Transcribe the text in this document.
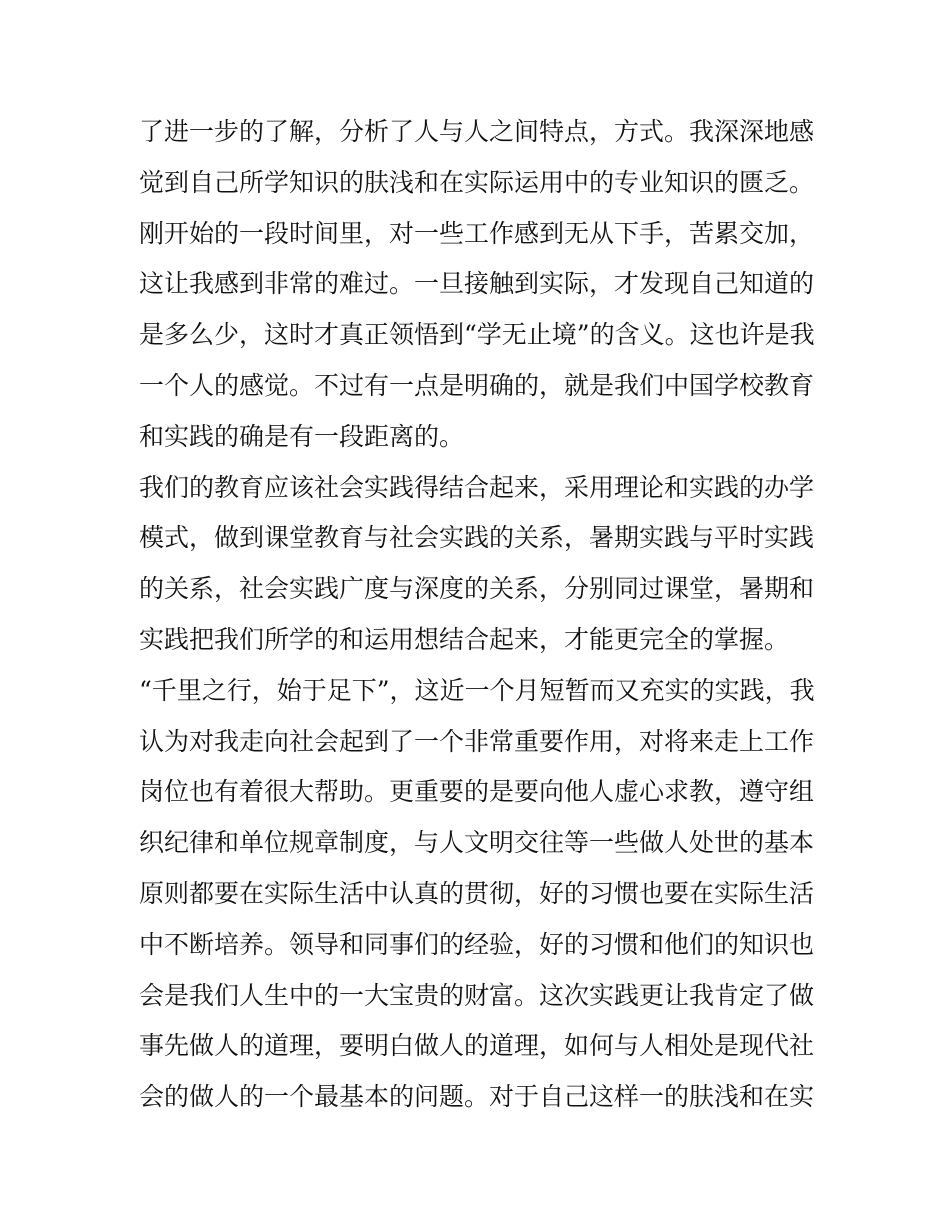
了进一步的了解，分析了人与人之间特点，方式。我深深地感
觉到自己所学知识的肤浅和在实际运用中的专业知识的匮乏。
刚开始的一段时间里，对一些工作感到无从下手，苦累交加，
这让我感到非常的难过。一旦接触到实际，才发现自己知道的
是多么少，这时才真正领悟到“学无止境”的含义。这也许是我
一个人的感觉。不过有一点是明确的，就是我们中国学校教育
和实践的确是有一段距离的。
我们的教育应该社会实践得结合起来，采用理论和实践的办学
模式，做到课堂教育与社会实践的关系，暑期实践与平时实践
的关系，社会实践广度与深度的关系，分别同过课堂，暑期和
实践把我们所学的和运用想结合起来，才能更完全的掌握。
“千里之行，始于足下”，这近一个月短暂而又充实的实践，我
认为对我走向社会起到了一个非常重要作用，对将来走上工作
岗位也有着很大帮助。更重要的是要向他人虚心求教，遵守组
织纪律和单位规章制度，与人文明交往等一些做人处世的基本
原则都要在实际生活中认真的贯彻，好的习惯也要在实际生活
中不断培养。领导和同事们的经验，好的习惯和他们的知识也
会是我们人生中的一大宝贵的财富。这次实践更让我肯定了做
事先做人的道理，要明白做人的道理，如何与人相处是现代社
会的做人的一个最基本的问题。对于自己这样一的肤浅和在实
